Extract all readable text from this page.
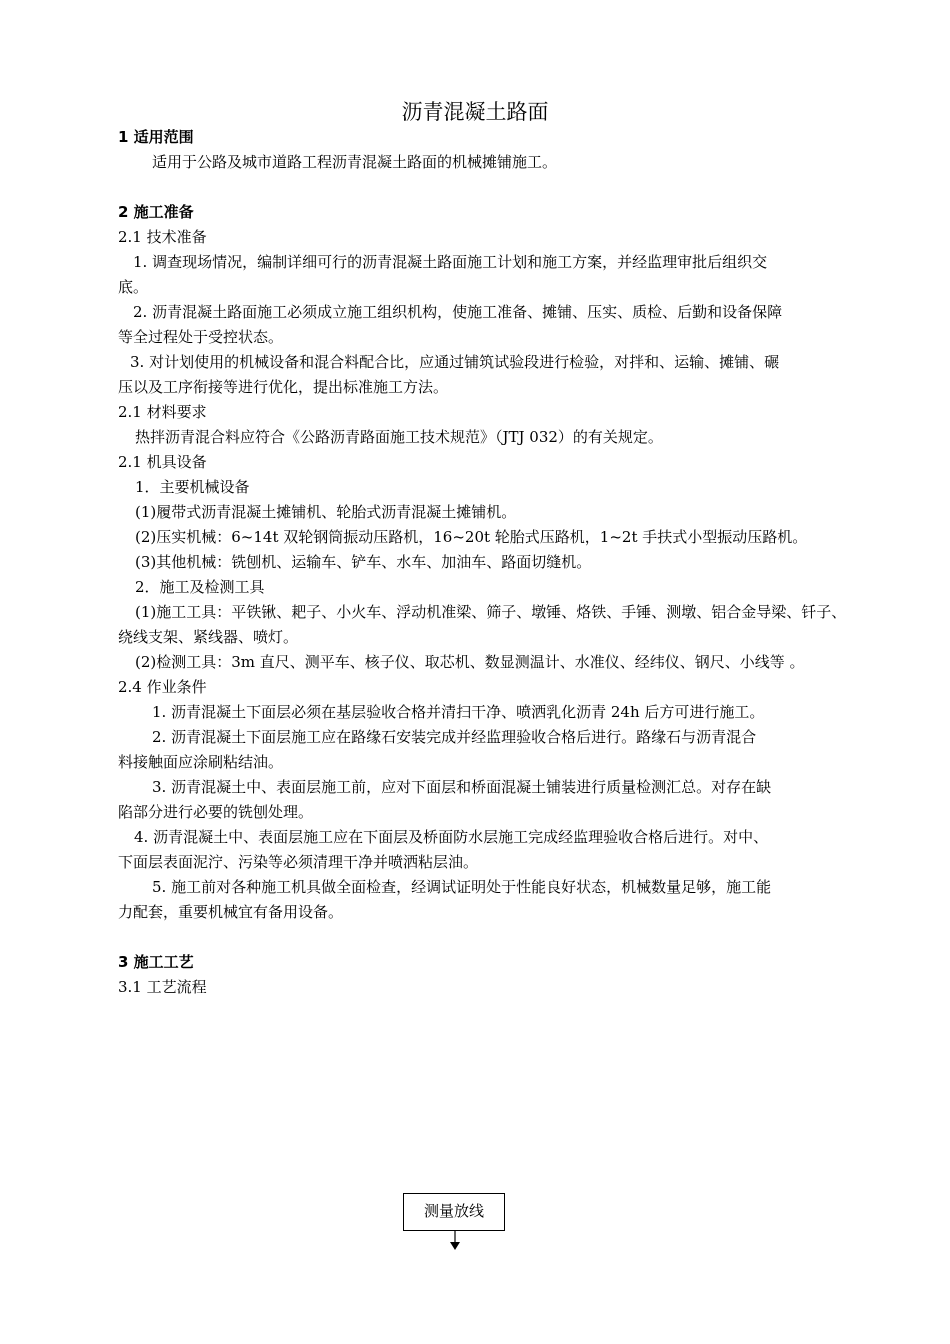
沥青混凝土路面
1 适用范围
适用于公路及城市道路工程沥青混凝土路面的机械摊铺施工。
2 施工准备
2.1 技术准备
1. 调查现场情况，编制详细可行的沥青混凝土路面施工计划和施工方案，并经监理审批后组织交
底。
2. 沥青混凝土路面施工必须成立施工组织机构，使施工准备、摊铺、压实、质检、后勤和设备保障
等全过程处于受控状态。
3. 对计划使用的机械设备和混合料配合比，应通过铺筑试验段进行检验，对拌和、运输、摊铺、碾
压以及工序衔接等进行优化，提出标准施工方法。
2.1 材料要求
热拌沥青混合料应符合《公路沥青路面施工技术规范》（JTJ 032）的有关规定。
2.1 机具设备
1．主要机械设备
(1)履带式沥青混凝土摊铺机、轮胎式沥青混凝土摊铺机。
(2)压实机械：6~14t 双轮钢筒振动压路机，16~20t 轮胎式压路机，1~2t 手扶式小型振动压路机。
(3)其他机械：铣刨机、运输车、铲车、水车、加油车、路面切缝机。
2．施工及检测工具
(1)施工工具：平铁锹、耙子、小火车、浮动机准梁、筛子、墩锤、烙铁、手锤、测墩、铝合金导梁、钎子、
绕线支架、紧线器、喷灯。
(2)检测工具：3m 直尺、测平车、核子仪、取芯机、数显测温计、水准仪、经纬仪、钢尺、小线等 。
2.4 作业条件
1. 沥青混凝土下面层必须在基层验收合格并清扫干净、喷洒乳化沥青 24h 后方可进行施工。
2. 沥青混凝土下面层施工应在路缘石安装完成并经监理验收合格后进行。路缘石与沥青混合
料接触面应涂刷粘结油。
3. 沥青混凝土中、表面层施工前，应对下面层和桥面混凝土铺装进行质量检测汇总。对存在缺
陷部分进行必要的铣刨处理。
4. 沥青混凝土中、表面层施工应在下面层及桥面防水层施工完成经监理验收合格后进行。对中、
下面层表面泥泞、污染等必须清理干净并喷洒粘层油。
5. 施工前对各种施工机具做全面检查，经调试证明处于性能良好状态，机械数量足够，施工能
力配套，重要机械宜有备用设备。
3 施工工艺
3.1 工艺流程
测量放线
